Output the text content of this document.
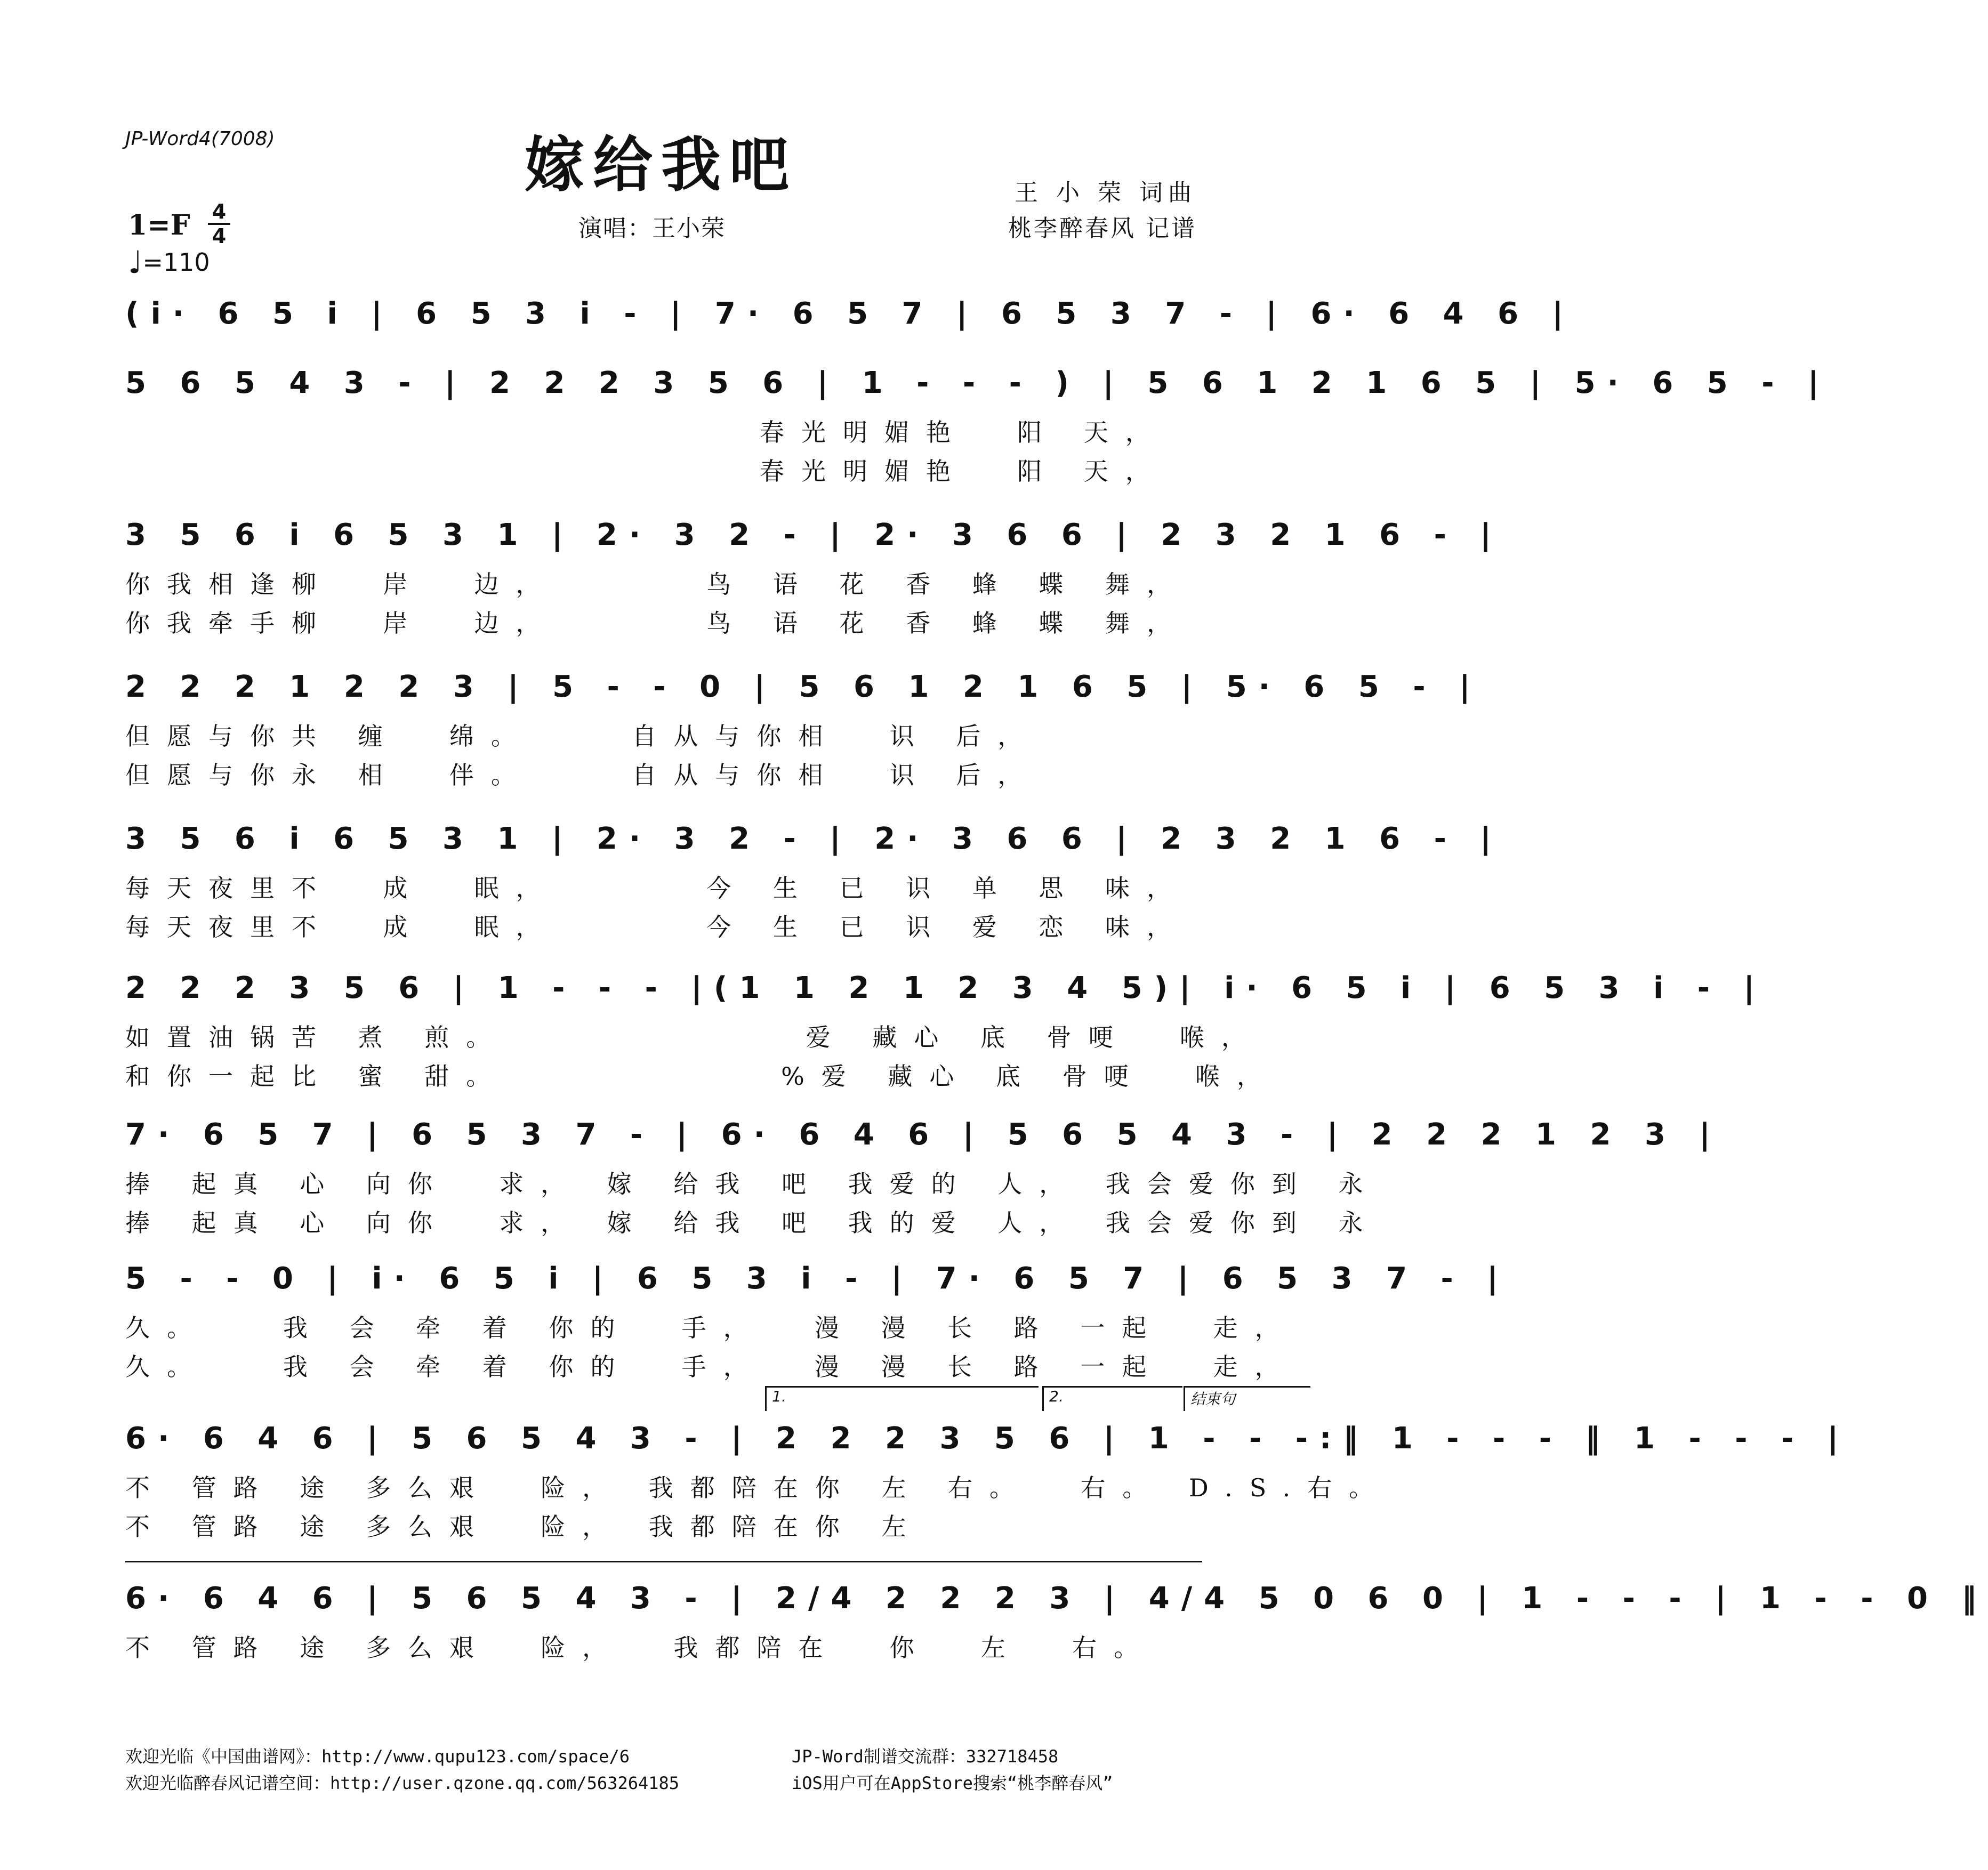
JP-Word4(7008)	嫁给我吧	王 小 荣 词曲
桃李醉春风 记谱
演唱：王小荣
1=F 4
4
♩=110
(i· 6 5 i | 6 5 3 i - | 7· 6 5 7 | 6 5 3 7 - | 6· 6 4 6 |
5 6 5 4 3 - | 2 2 2 3 5 6 | 1 - - - ) | 5 6 1 2 1 6 5 | 5· 6 5 - |
春光明媚艳  阳 天，
春光明媚艳  阳 天，
3 5 6 i 6 5 3 1 | 2· 3 2 - | 2· 3 6 6 | 2 3 2 1 6 - |
你我相逢柳  岸  边，      鸟 语 花 香 蜂 蝶 舞，
你我牵手柳  岸  边，      鸟 语 花 香 蜂 蝶 舞，
2 2 2 1 2 2 3 | 5 - - 0 | 5 6 1 2 1 6 5 | 5· 6 5 - |
但愿与你共 缠  绵。    自从与你相  识 后，
但愿与你永 相  伴。    自从与你相  识 后，
3 5 6 i 6 5 3 1 | 2· 3 2 - | 2· 3 6 6 | 2 3 2 1 6 - |
每天夜里不  成  眠，      今 生 已 识 单 思 味，
每天夜里不  成  眠，      今 生 已 识 爱 恋 味，
2 2 2 3 5 6 | 1 - - - |(1 1 2 1 2 3 4 5)| i· 6 5 i | 6 5 3 i - |
如置油锅苦 煮 煎。            爱 藏心 底 骨哽  喉，
和你一起比 蜜 甜。           %爱 藏心 底 骨哽  喉，
7· 6 5 7 | 6 5 3 7 - | 6· 6 4 6 | 5 6 5 4 3 - | 2 2 2 1 2 3 |
捧 起真 心 向你  求， 嫁 给我 吧 我爱的 人， 我会爱你到 永
捧 起真 心 向你  求， 嫁 给我 吧 我的爱 人， 我会爱你到 永
5 - - 0 | i· 6 5 i | 6 5 3 i - | 7· 6 5 7 | 6 5 3 7 - |
久。   我 会 牵 着 你的  手，  漫 漫 长 路 一起  走，
久。   我 会 牵 着 你的  手，  漫 漫 长 路 一起  走，
1.	2.	结束句
6· 6 4 6 | 5 6 5 4 3 - | 2 2 2 3 5 6 | 1 - - -:‖ 1 - - - ‖ 1 - - - |
不 管路 途 多么艰  险， 我都陪在你 左 右。  右。 D.S.右。
不 管路 途 多么艰  险， 我都陪在你 左
6· 6 4 6 | 5 6 5 4 3 - | 2/4 2 2 2 3 | 4/4 5 0 6 0 | 1 - - - | 1 - - 0 ‖
不 管路 途 多么艰  险，  我都陪在  你  左  右。
欢迎光临《中国曲谱网》：http://www.qupu123.com/space/6
欢迎光临醉春风记谱空间：http://user.qzone.qq.com/563264185
JP-Word制谱交流群：332718458
iOS用户可在AppStore搜索“桃李醉春风”
